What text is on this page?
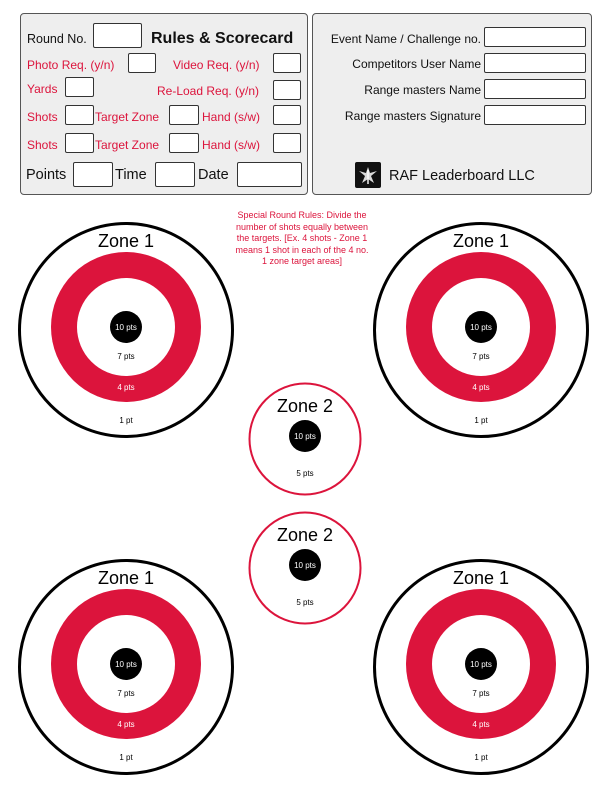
Round No.	Rules & Scorecard
Photo Req. (y/n)	Video Req. (y/n)
Yards	Re-Load Req. (y/n)
Shots	Target Zone	Hand (s/w)
Shots	Target Zone	Hand (s/w)
Points	Time	Date
Event Name / Challenge no.
Competitors User Name
Range masters Name
Range masters Signature
RAF Leaderboard LLC
Special Round Rules: Divide the number of shots equally between the targets. [Ex. 4 shots - Zone 1 means 1 shot in each of the 4 no. 1 zone target areas]
Zone 1
10 pts
7 pts
4 pts
1 pt
Zone 1
10 pts
7 pts
4 pts
1 pt
Zone 2
10 pts
5 pts
Zone 2
10 pts
5 pts
Zone 1
10 pts
7 pts
4 pts
1 pt
Zone 1
10 pts
7 pts
4 pts
1 pt
